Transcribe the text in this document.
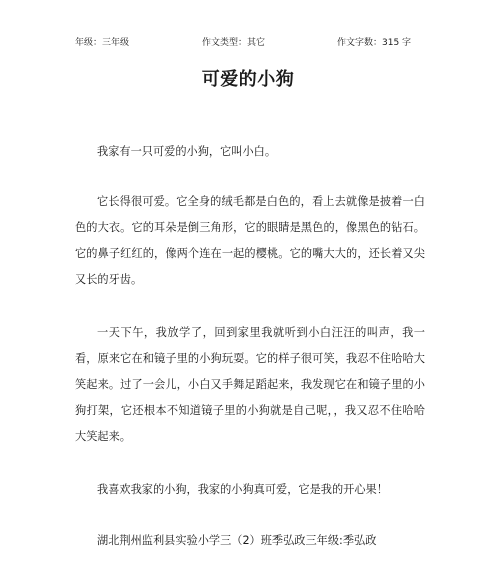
年级：三年级	作文类型：其它	作文字数：315 字
可爱的小狗

我家有一只可爱的小狗，它叫小白。

它长得很可爱。它全身的绒毛都是白色的，看上去就像是披着一白色的大衣。它的耳朵是倒三角形，它的眼睛是黑色的，像黑色的钻石。它的鼻子红红的，像两个连在一起的樱桃。它的嘴大大的，还长着又尖又长的牙齿。

一天下午，我放学了，回到家里我就听到小白汪汪的叫声，我一看，原来它在和镜子里的小狗玩耍。它的样子很可笑，我忍不住哈哈大笑起来。过了一会儿，小白又手舞足蹈起来，我发现它在和镜子里的小狗打架，它还根本不知道镜子里的小狗就是自己呢，，我又忍不住哈哈大笑起来。

我喜欢我家的小狗，我家的小狗真可爱，它是我的开心果！

湖北荆州监利县实验小学三（2）班季弘政三年级:季弘政
